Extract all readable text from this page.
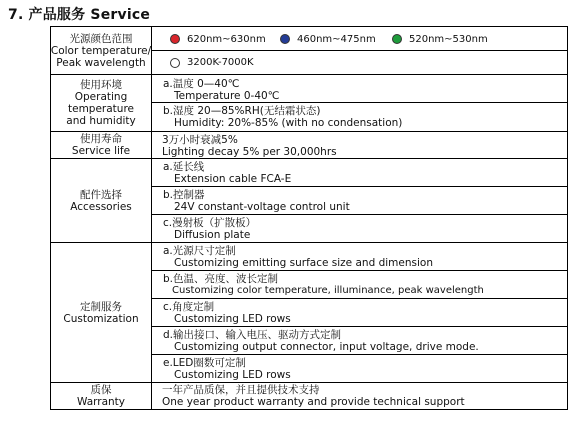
7. 产品服务 Service
光源颜色范围
Color temperature/
Peak wavelength
620nm~630nm	460nm~475nm	520nm~530nm
3200K-7000K
使用环境
Operating
temperature
and humidity
a.温度 0—40℃
Temperature 0-40℃
b.湿度 20—85%RH(无结霜状态)
Humidity: 20%-85% (with no condensation)
使用寿命
Service life
3万小时衰减5%
Lighting decay 5% per 30,000hrs
配件选择
Accessories
a.延长线
Extension cable FCA-E
b.控制器
24V constant-voltage control unit
c.漫射板（扩散板）
Diffusion plate
定制服务
Customization
a.光源尺寸定制
Customizing emitting surface size and dimension
b.色温、亮度、波长定制
Customizing color temperature, illuminance, peak wavelength
c.角度定制
Customizing LED rows
d.输出接口、输入电压、驱动方式定制
Customizing output connector, input voltage, drive mode.
e.LED圈数可定制
Customizing LED rows
质保
Warranty
一年产品质保，并且提供技术支持
One year product warranty and provide technical support
